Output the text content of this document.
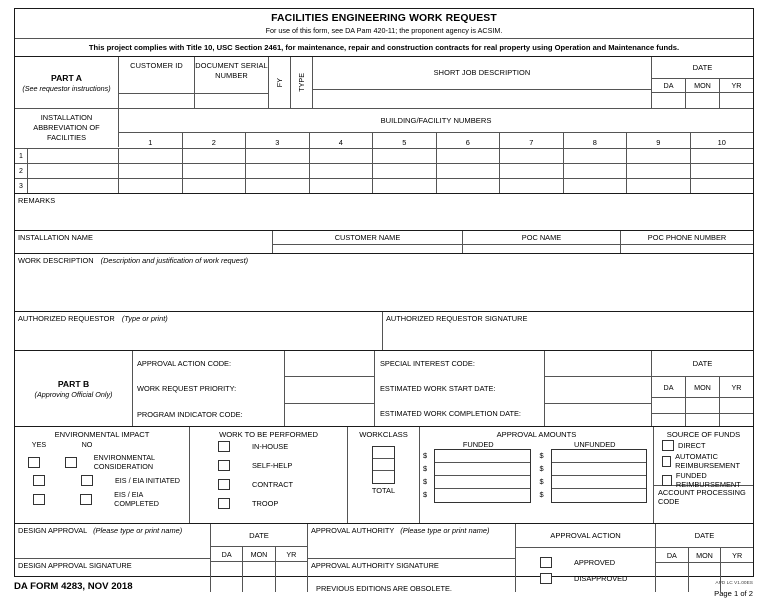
FACILITIES ENGINEERING WORK REQUEST
For use of this form, see DA Pam 420-11; the proponent agency is ACSIM.
This project complies with Title 10, USC Section 2461, for maintenance, repair and construction contracts for real property using Operation and Maintenance funds.
PART A
(See requestor instructions)
CUSTOMER ID	DOCUMENT SERIAL NUMBER
FY TYPE
SHORT JOB DESCRIPTION
DATE
DA	MON	YR
INSTALLATION ABBREVIATION OF FACILITIES
BUILDING/FACILITY NUMBERS
1	2	3	4	5	6	7	8	9	10
1
2
3
REMARKS
INSTALLATION NAME	CUSTOMER NAME	POC NAME	POC PHONE NUMBER
WORK DESCRIPTION (Description and justification of work request)
AUTHORIZED REQUESTOR (Type or print)	AUTHORIZED REQUESTOR SIGNATURE
PART B
(Approving Official Only)
APPROVAL ACTION CODE:
WORK REQUEST PRIORITY:
PROGRAM INDICATOR CODE:
SPECIAL INTEREST CODE:
ESTIMATED WORK START DATE:
ESTIMATED WORK COMPLETION DATE:
DATE
DA	MON	YR
ENVIRONMENTAL IMPACT
YES	NO
ENVIRONMENTAL CONSIDERATION
EIS / EIA INITIATED
EIS / EIA COMPLETED
WORK TO BE PERFORMED
IN-HOUSE
SELF-HELP
CONTRACT
TROOP
WORKCLASS
TOTAL
APPROVAL AMOUNTS
FUNDED	UNFUNDED
$
$
$
$
$
$
$
$
SOURCE OF FUNDS
DIRECT
AUTOMATIC REIMBURSEMENT
FUNDED REIMBURSEMENT
ACCOUNT PROCESSING CODE
DESIGN APPROVAL (Please type or print name)
DESIGN APPROVAL SIGNATURE
DATE
DA	MON	YR
APPROVAL AUTHORITY (Please type or print name)
APPROVAL AUTHORITY SIGNATURE
APPROVAL ACTION
APPROVED
DISAPPROVED
DATE
DA	MON	YR
DA FORM 4283, NOV 2018	PREVIOUS EDITIONS ARE OBSOLETE.
APD LC V1.00ES
Page 1 of 2
